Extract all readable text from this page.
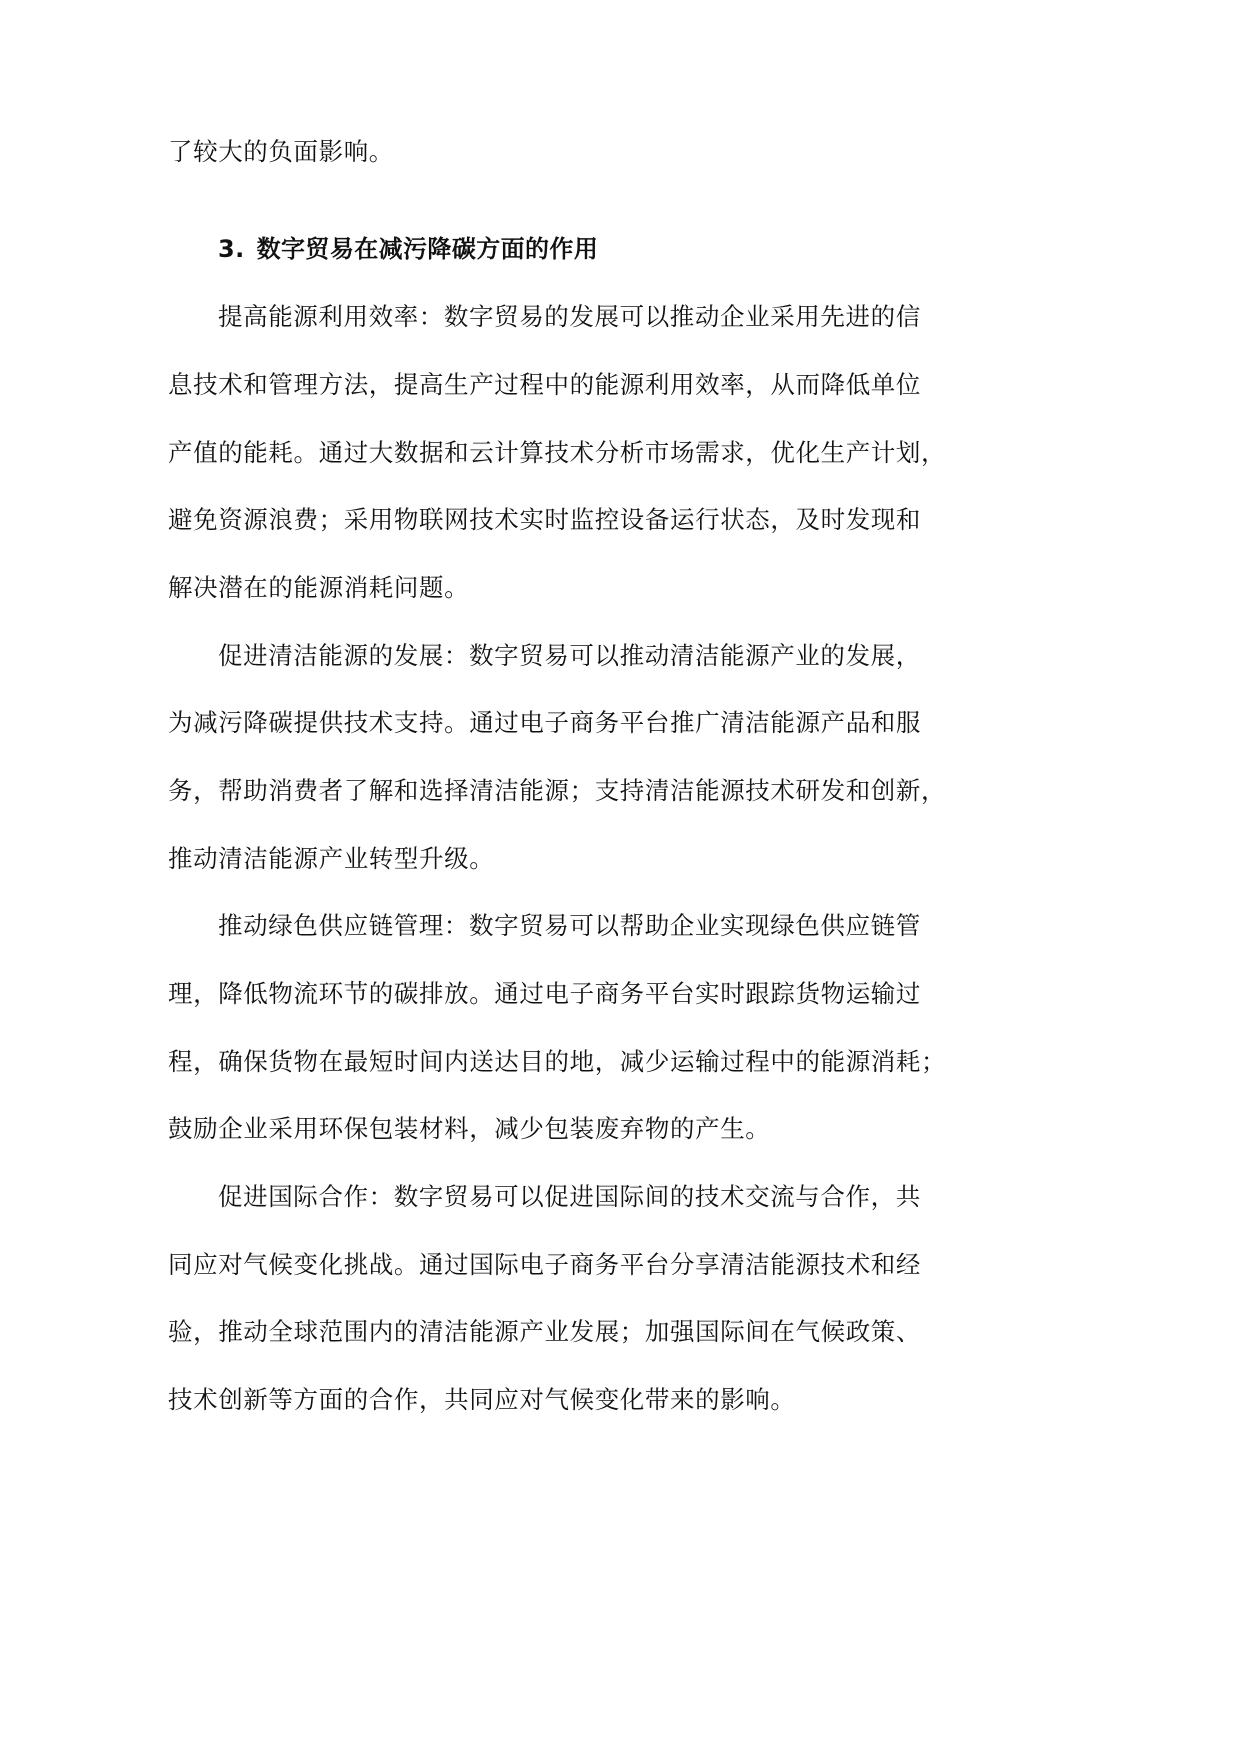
了较大的负面影响。
3. 数字贸易在减污降碳方面的作用
提高能源利用效率：数字贸易的发展可以推动企业采用先进的信
息技术和管理方法，提高生产过程中的能源利用效率，从而降低单位
产值的能耗。通过大数据和云计算技术分析市场需求，优化生产计划，
避免资源浪费；采用物联网技术实时监控设备运行状态，及时发现和
解决潜在的能源消耗问题。
促进清洁能源的发展：数字贸易可以推动清洁能源产业的发展，
为减污降碳提供技术支持。通过电子商务平台推广清洁能源产品和服
务，帮助消费者了解和选择清洁能源；支持清洁能源技术研发和创新，
推动清洁能源产业转型升级。
推动绿色供应链管理：数字贸易可以帮助企业实现绿色供应链管
理，降低物流环节的碳排放。通过电子商务平台实时跟踪货物运输过
程，确保货物在最短时间内送达目的地，减少运输过程中的能源消耗；
鼓励企业采用环保包装材料，减少包装废弃物的产生。
促进国际合作：数字贸易可以促进国际间的技术交流与合作，共
同应对气候变化挑战。通过国际电子商务平台分享清洁能源技术和经
验，推动全球范围内的清洁能源产业发展；加强国际间在气候政策、
技术创新等方面的合作，共同应对气候变化带来的影响。
